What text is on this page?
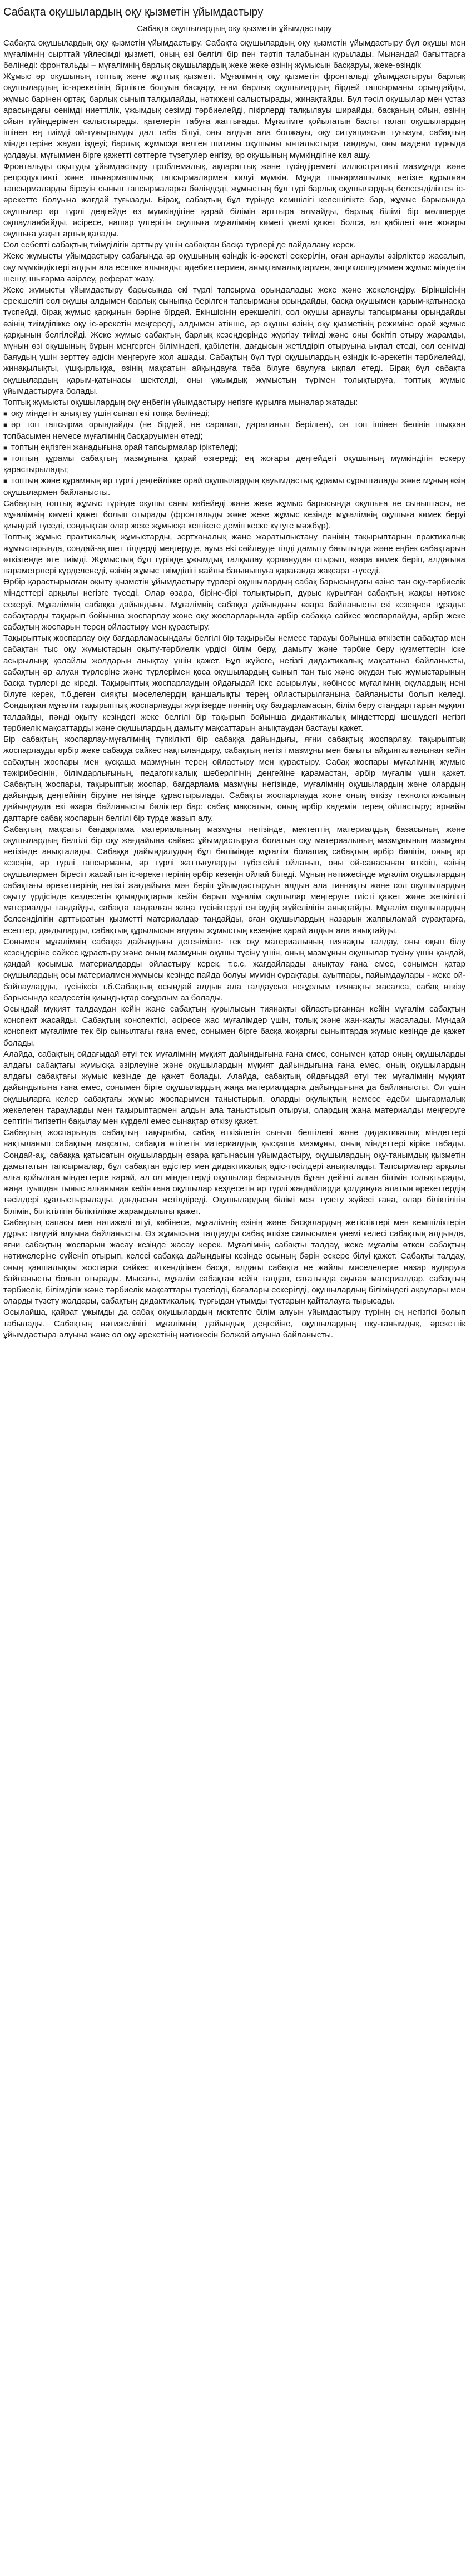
Сабақта оқушылардың оқу қызметін ұйымдастыру
Сабақта оқушылардың оқу қызметін ұйымдастыру

Сабақта оқушылардың оқу қызметін ұйымдастыру. Сабақта оқушылардың оқу қызметін ұйымдастыру бұл оқушы мен мұғалімнің сырттай үйлесімді қызметі, оның өзі белгілі бір пен тәртіп талабынан құрылады. Мынандай бағыттарға бөлінеді: фронтальды – мұғалімнің барлық оқушылардың жеке жеке өзінің жұмысын басқаруы, жеке-өзіндік

Жұмыс әр оқушының топтық және жұптық қызметі. Мұғалімнің оқу қызметін фронтальді ұйымдастыруы барлық оқушылардың іс-әрекетінің бірлікте болуын басқару, яғни барлық оқушылардың бірдей тапсырманы орындайды, жұмыс барінен ортақ, барлық сынып талқылайды, нәтижені салыстырады, жинақтайды. Бұл тәсіл оқушылар мен ұстаз арасындағы сенімді ниеттілік, ұжымдық сезімді тәрбиелейді, пікірлерді талқылауы ширайды, басқаның ойын, өзінің ойын түйіндерімен салыстырады, қателерін табуға жаттығады. Мұғалімге қойылатын басты талап оқушылардың ішінен ең тиімді ой-түжырымды дал таба білуі, оны алдын ала болжауы, оқу ситуациясын туғызуы, сабақтың міндеттеріне жауап іздеуі; барлық жұмысқа келген шитаны оқушыны ынталыстыра тандауы, оны мадени түрғыда қолдауы, мұғыммен бірге қажетті сәттерге түзетулер енгізу, әр оқушының мүмкіндігіне көл ашу.

Фронтальды оқытуды ұйымдастыру проблемалық, ақпараттық және түсіндіремелі иллюстративті мазмұнда және репродуктивті және шығармашылық тапсырмалармен көлуі мүмкін. Мұнда шығармашылық негізге құрылған тапсырмаларды біреуін сынып тапсырмаларға бөліндеді, жұмыстың бұл түрі барлық оқушылардың белсенділіктен іс-әрекетте болуына жағдай туғызады. Бірақ, сабақтың бұл түрінде кемшілігі келешілікте бар, жұмыс барысында оқушылар әр түрлі деңгейде өз мүмкіндігіне қарай білімін арттыра алмайды, барлық білімі бір мөлшерде оқшауланбайды, әсіресе, нашар үлгерітін оқушыға мұғалімнің көмегі үнемі қажет болса, ал қабілеті өте жоғары оқушыға уақыт артық қалады.

Сол себепті сабақтың тиімділігін арттыру үшін сабақтан басқа түрлері де пайдалану керек.

Жеке жұмысты ұйымдастыру сабағында әр оқушының өзіндік іс-әрекеті ескерілін, оған арнаулы әзірліктер жасалып, оқу мүмкіндіктері алдын ала есепке алынады: әдебиеттермен, анықтамалықтармен, энциклопедиямен жұмыс міндетін шешу, шығарма әзірлеу, реферат жазу.

Жеке жұмысты ұйымдастыру барысында екі түрлі тапсырма орындалады: жеке және жекелендіру. Біріншісінің ерекшелігі сол оқушы алдымен барлық сыныпқа берілген тапсырманы орындайды, басқа оқушымен қарым-қатынасқа түспейді, бірақ жұмыс қарқынын бәріне бірдей. Екіншісінің ерекшелігі, сол оқушы арнаулы тапсырманы орындайды өзінің тиімділікке оқу іс-әрекетін меңгереді, алдымен әтінше, әр оқушы өзінің оқу қызметінің режиміне орай жұмыс қарқынын белгілейді. Жеке жұмыс сабақтың барлық кезеңдерінде жүргізу тиімді және оны бекітіп отыру жарамды, мұның өзі оқушының бұрын меңгерген біліміндегі, қабілетін, дағдысын жетілдіріп отыруына ықпал етеді, сол сенімді баяудың үшін зерттеу әдісін меңгеруге жол ашады. Сабақтың бұл түрі оқушылардың өзіндік іс-әрекетін тәрбиелейді, жинақылықты, ұшқырлыққа, өзінің мақсатын айқындауға таба білуге баулуға ықпал етеді. Бірақ бұл сабақта оқушылардың қарым-қатынасы шектелді, оны ұжымдық жұмыстың түрімен толықтыруға, топтық жұмыс ұйымдастыруға болады.

Топтық жұмысты оқушылардың оқу еңбегін ұйымдастыру негізге құрылға мыналар жатады:

■ оқу міндетін анықтау үшін сынап екі топқа бөлінеді;
■ әр топ тапсырма орындайды (не бірдей, не саралап, дараланып берілген), он топ ішінен белінін шықхан топбасымен немесе мұғалімнің басқаруымен өтеді;
■ топтың еңгізген жанадығына орай тапсырмалар іріктеледі;
■ топтың құрамы сабақтың мазмұнына қарай өзгереді; ең жоғары деңгейдегі оқушының мүмкіндігін ескеру қарастырылады;
■ топтың және құрамның әр түрлі деңгейлікке орай оқушылардың қауымдастық құрамы сұрыпталады және мұның өзің оқушылармен байланысты.

Сабақтың топтық жұмыс түрінде оқушы саны көбейеді және жеке жұмыс барысында оқушыға не сыныптасы, не мұғалімнің көмегі қажет болып отырады (фронтальды және жеке жұмыс кезінде мұғалімнің оқушыға көмек беруі қиындай түседі, сондықтан олар жеке жұмысқа кешікеге деміп кеске күтуге мәжбүр).

Топтық жұмыс практикалық жұмыстарды, зертханалық және жаратылыстану пәнінің тақырыптарын практикалық жұмыстарында, сондай-ақ шет тілдерді меңгеруде, ауыз еki сөйлеуде тілді дамыту бағытында және еңбек сабақтарын өткізгенде өте тиімді. Жұмыстың бұл түрінде ұжымдық талқылау қорланудан отырып, өзара көмек беріп, алдағына параметрлері күрделенеді, өзінің жұмыс тиімділігі жайлы бағынышуға қарағанда жақсара -түседі.

Әрбір қарастырылған оқыту қызметін ұйымдастыру түрлері оқушылардың сабақ барысындағы өзіне тән оқу-тәрбиелік міндеттері арқылы негізге түседі. Олар өзара, біріне-бірі толықтырып, дұрыс құрылған сабақтың жақсы нәтиже ескеруі. Мұғалімнің сабаққа дайындығы. Мұғалімнің сабаққа дайындығы өзара байланысты екі кезеңнен тұрады: сабақтарды тақырып бойынша жоспарлау жоне оқу жоспарларында әрбір сабаққа сайкес жоспарлайды, әрбір жеке сабақтың жоспарын терең ойластыру мен құрастыру.

Тақырыптық жоспарлау оқу бағдарламасындағы белгілі бір тақырыбы немесе тарауы бойынша өткізетін сабақтар мен сабақтан тыс оқу жұмыстарын оқыту-тәрбиелік үрдісі білім беру, дамыту және тәрбие беру құзметтерін іске асырылыңқ қолайлы жолдарын анықтау үшін қажет. Бұл жүйеге, негізгі дидактикалық мақсатына байланысты, сабақтың әр алуан түрлеріне және түрлерімен қоса оқушылардың сынып тан тыс және оқудан тыс жұмыстарының басқа түрлері де кіреді. Тақырыптық жоспарлаудың ойдағыдай іске асырылуы, көбінесе мұғалімнің оқулардың нені білуге керек, т.б.деген сияқты мәселелердің қаншалықты терең ойластырылғанына байланысты болып келеді. Сондықтан мұғалім тақырыптық жоспарлауды жүргізерде пәннің оқу бағдарламасын, білім беру стандарттарын мұқият талдайды, пәнді оқыту кезіндегі жеке белгілі бір тақырып бойынша дидактикалық міндеттерді шешудегі негізгі тәрбиелік мақсаттарды және оқушылардың дамыту мақсаттарын анықтаудан бастауы қажет.

Бір сабақтың жоспарлау-мұғалімнің түпкілікті бір сабаққа дайындығы, яғни сабақтық жоспарлау, тақырыптық жоспарлауды әрбір жеке сабаққа сайкес нақтыландыру, сабақтың негізгі мазмұны мен бағыты айқынталғанынан кейін сабақтың жоспары мен құсқаша мазмұнын терең ойластыру мен құрастыру. Сабақ жоспары мұғалімнің жұмыс тәжірибесінін, білімдарлығының, педагогикалық шеберлігінің деңгейіне қарамастан, әрбір мұғалім үшін қажет. Сабақтың жоспары, тақырыптық жоспар, бағдарлама мазмұны негізінде, мұғалімнің оқушылардың және олардың дайындық деңгейінің біруіне негізінде құрастырылады. Сабақты жоспарлауда жоне оның өткізу технологиясының дайындауда екі өзара байланысты бөліктер бар: сабақ мақсатын, оның әрбір кадемін терең ойластыру; арнайы даптарғе сабақ жоспарын белгілі бір түрде жазып алу.

Сабақтың мақсаты бағдарлама материалының мазмұны негізінде, мектептің материалдық базасының және оқушылардың белгілі бір оқу жағдайына сайкес ұйымдастыруға болатын оқу материалының мазмұнының мазмұны негізінде анықталады. Сабаққа дайындалудың бұл бөлімінде мұғалім болашақ сабақтың әрбір бөлігін, оның әр кезеңін, әр түрлі тапсырманы, әр түрлі жаттығуларды түбегейлі ойланып, оны ой-санасынан өткізіп, өзінің оқушылармен біресіп жасайтын іс-әрекеттерінің әрбір кезеңін ойлай біледі. Мұның нәтижесінде мұғалім оқушылардың сабақтағы әрекеттерінің негізгі жағдайына мән беріп ұйымдастыруын алдын ала тиянақты және сол оқушылардың оқыту үрдісінде кездесетін қиындықтарын кейін барып мұғалім оқушылар меңгеруге тиісті қажет және жеткілікті материалды тандайды, сабақта тандалған жаңа түсініктерді енгізудің жүйелілігін анықтайды. Мұғалім оқушылардың белсенділігін арттыратын қызметті материалдар тандайды, оған оқушылардың назарын жаппыламай сұрақтарға, есептер, дағдыларды, сабақтың құрылысын алдағы жұмыстың кезеңіне қарай алдын ала анықтайды.

Сонымен мұғалімнің сабаққа дайындығы дегенімізге- тек оқу материалының тиянақты талдау, оны оқып білу кезеңдеріне сайкес құрастыру және оның мазмұнын оқушы түсіну үшін, оның мазмұнын оқушылар түсіну үшін қандай, қандай қосымша материалдарды ойластыру керек, т.с.с. жағдайларды анықтау ғана емес, сонымен қатар оқушылардың осы материалмен жұмысы кезінде пайда болуы мүмкін сұрақтары, ауытпары, пайымдаулары - жеке ой-байлауларды, түсініксіз т.б.Сабақтың осындай алдын ала талдаусыз неғұрлым тиянақты жасалса, сабақ өткізу барысында кездесетін қиындықтар соғұрлым аз болады.

Осындай мұқият талдаудан кейін жане сабақтың құрылысын тиянақты ойластырғаннан кейін мұғалім сабақтың конспект жасайды. Сабақтың конспектісі, әсіресе жас мұғалімдер үшін, толық және жан-жақты жасалады. Мұндай конспект мұғалімге тек бір сынылтағы ғана емес, сонымен бірге басқа жоқарғы сыныптарда жұмыс кезінде де қажет болады.

Алайда, сабақтың ойдағыдай өтуі тек мұғалімнің мұқият дайындығына ғана емес, сонымен қатар оның оқушыларды алдағы сабақтағы жұмысқа әзірлеуіне және оқушылардың мұқият дайындығына ғана емес, оның оқушылардың алдағы сабақтағы жұмыс кезінде де қажет болады. Алайда, сабақтың ойдағыдай өтуі тек мұғалімнің мұқият дайындығына ғана емес, сонымен бірге оқушылардың жаңа материалдарға дайындығына да байланысты. Ол үшін оқушыларға келер сабақтағы жұмыс жоспарымен таныстырып, оларды оқулықтың немесе әдеби шығармалық жекелеген тарауларды мен тақырыптармен алдын ала таныстырып отыруы, олардың жаңа материалды меңгеруге септігін тигізетін бақылау мен күрделі емес сынақтар өткізу қажет.

Сабақтың жоспарында сабақтың тақырыбы, сабақ өткізілетін сынып белгілені және дидактикалық міндеттері нақтыланып сабақтың мақсаты, сабақта өтілетін материалдың қысқаша мазмұны, оның міндеттері кірікe табады. Сондай-ақ, сабаққа қатысатын оқушылардың өзара қатынасын ұйымдастыру, оқушылардың оқу-танымдық қызметін дамытатын тапсырмалар, бұл сабақтан әдістер мен дидактикалық әдіс-тәсілдері анықталады. Тапсырмалар арқылы алға қойылған міндеттерге карай, ал ол міндеттерді оқушылар барысында бұған дейінгі алған білімін толықтырады, жаңа туыпдан тыныс алғанынан кейін ғана оқушылар кездесетін әр түрлі жағдайларда қолдануға алатын әрекеттердің тәсілдері құалыстырылады, дағдысын жетілдіреді. Оқушылардың білімі мен түзету жүйесі ғана, олар біліктілігін білімін, біліктілігін біліктілікке жарамдылығы қажет.

Сабақтың сапасы мен нәтижелі өтуі, көбінесе, мұғалімнің өзінің және басқалардың жетістіктері мен кемшіліктерін дұрыс талдай алуына байланысты. Өз жұмысына талдауды сабақ өткізе салысымен үнемі келесі сабақтың алдында, яғни сабақтың жоспарын жасау кезінде жасау керек. Мұғалімнің сабақты талдау, жеке мұғалім өткен сабақтың нәтижелеріне сүйеніп отырып, келесі сабаққа дайындығы кезінде осының бәрін ескере білуі қажет. Сабақты талдау, оның қаншалықты жоспарға сайкес өткендігінен басқа, алдағы сабақта не жайлы мәселелерге назар аударуға байланысты болып отырады. Мысалы, мұғалім сабақтан кейін талдап, сағатында оқыған материалдар, сабақтың тәрбиелік, білімділік және тәрбиелік мақсаттары түзетілді, бағалары ескерілді, оқушылардың біліміндегі ақаулары мен оларды түзету жолдары, сабақтың дидактикалық, тұрғыдан ұтымды тұстарын қайталауға тырысады.

Осылайша, қайрат ұжымды да сабақ оқушылардың мектепте білім алуын ұйымдастыру түрінің ең негізгісі болып табылады. Сабақтың нәтижелілігі мұғалімнің дайындық деңгейіне, оқушылардың оқу-танымдық, әрекеттік ұйымдастыра алуына және ол оқу әрекетінің нәтижесін болжай алуына байланысты.
